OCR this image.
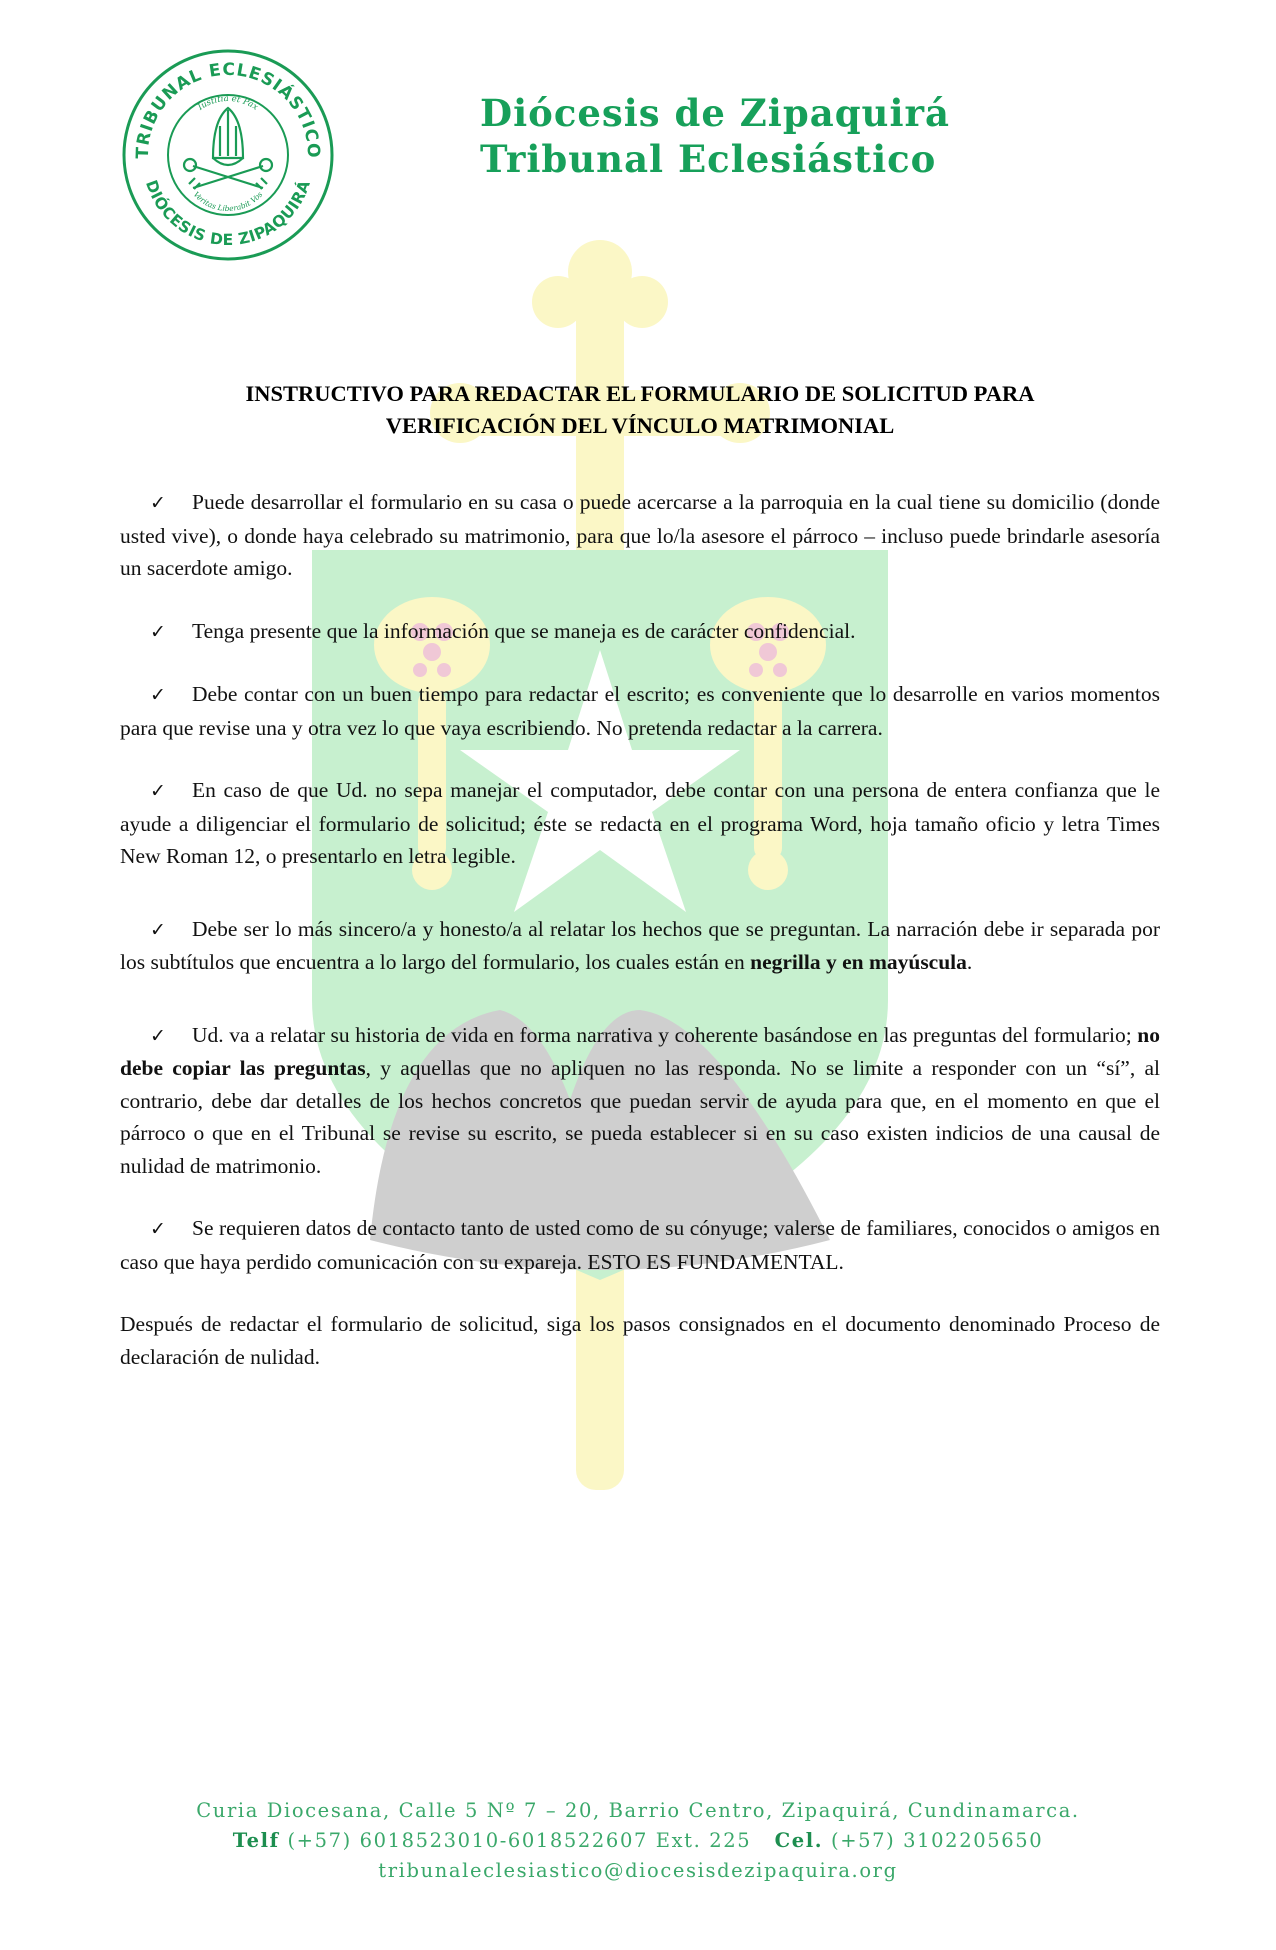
TRIBUNAL ECLESIÁSTICO
DIÓCESIS DE ZIPAQUIRÁ
Iustitia et Pax
Veritas Liberabit Vos
Diócesis de Zipaquirá
Tribunal Eclesiástico
INSTRUCTIVO PARA REDACTAR EL FORMULARIO DE SOLICITUD PARA
VERIFICACIÓN DEL VÍNCULO MATRIMONIAL

✓ Puede desarrollar el formulario en su casa o puede acercarse a la parroquia en la cual tiene su domicilio (donde usted vive), o donde haya celebrado su matrimonio, para que lo/la asesore el párroco – incluso puede brindarle asesoría un sacerdote amigo.

✓ Tenga presente que la información que se maneja es de carácter confidencial.

✓ Debe contar con un buen tiempo para redactar el escrito; es conveniente que lo desarrolle en varios momentos para que revise una y otra vez lo que vaya escribiendo. No pretenda redactar a la carrera.

✓ En caso de que Ud. no sepa manejar el computador, debe contar con una persona de entera confianza que le ayude a diligenciar el formulario de solicitud; éste se redacta en el programa Word, hoja tamaño oficio y letra Times New Roman 12, o presentarlo en letra legible.

✓ Debe ser lo más sincero/a y honesto/a al relatar los hechos que se preguntan. La narración debe ir separada por los subtítulos que encuentra a lo largo del formulario, los cuales están en negrilla y en mayúscula.

✓ Ud. va a relatar su historia de vida en forma narrativa y coherente basándose en las preguntas del formulario; no debe copiar las preguntas, y aquellas que no apliquen no las responda. No se limite a responder con un “sí”, al contrario, debe dar detalles de los hechos concretos que puedan servir de ayuda para que, en el momento en que el párroco o que en el Tribunal se revise su escrito, se pueda establecer si en su caso existen indicios de una causal de nulidad de matrimonio.

✓ Se requieren datos de contacto tanto de usted como de su cónyuge; valerse de familiares, conocidos o amigos en caso que haya perdido comunicación con su expareja. ESTO ES FUNDAMENTAL.

Después de redactar el formulario de solicitud, siga los pasos consignados en el documento denominado Proceso de declaración de nulidad.

Curia Diocesana, Calle 5 Nº 7 – 20, Barrio Centro, Zipaquirá, Cundinamarca.
Telf (+57) 6018523010-6018522607 Ext. 225 Cel. (+57) 3102205650
tribunaleclesiastico@diocesisdezipaquira.org
